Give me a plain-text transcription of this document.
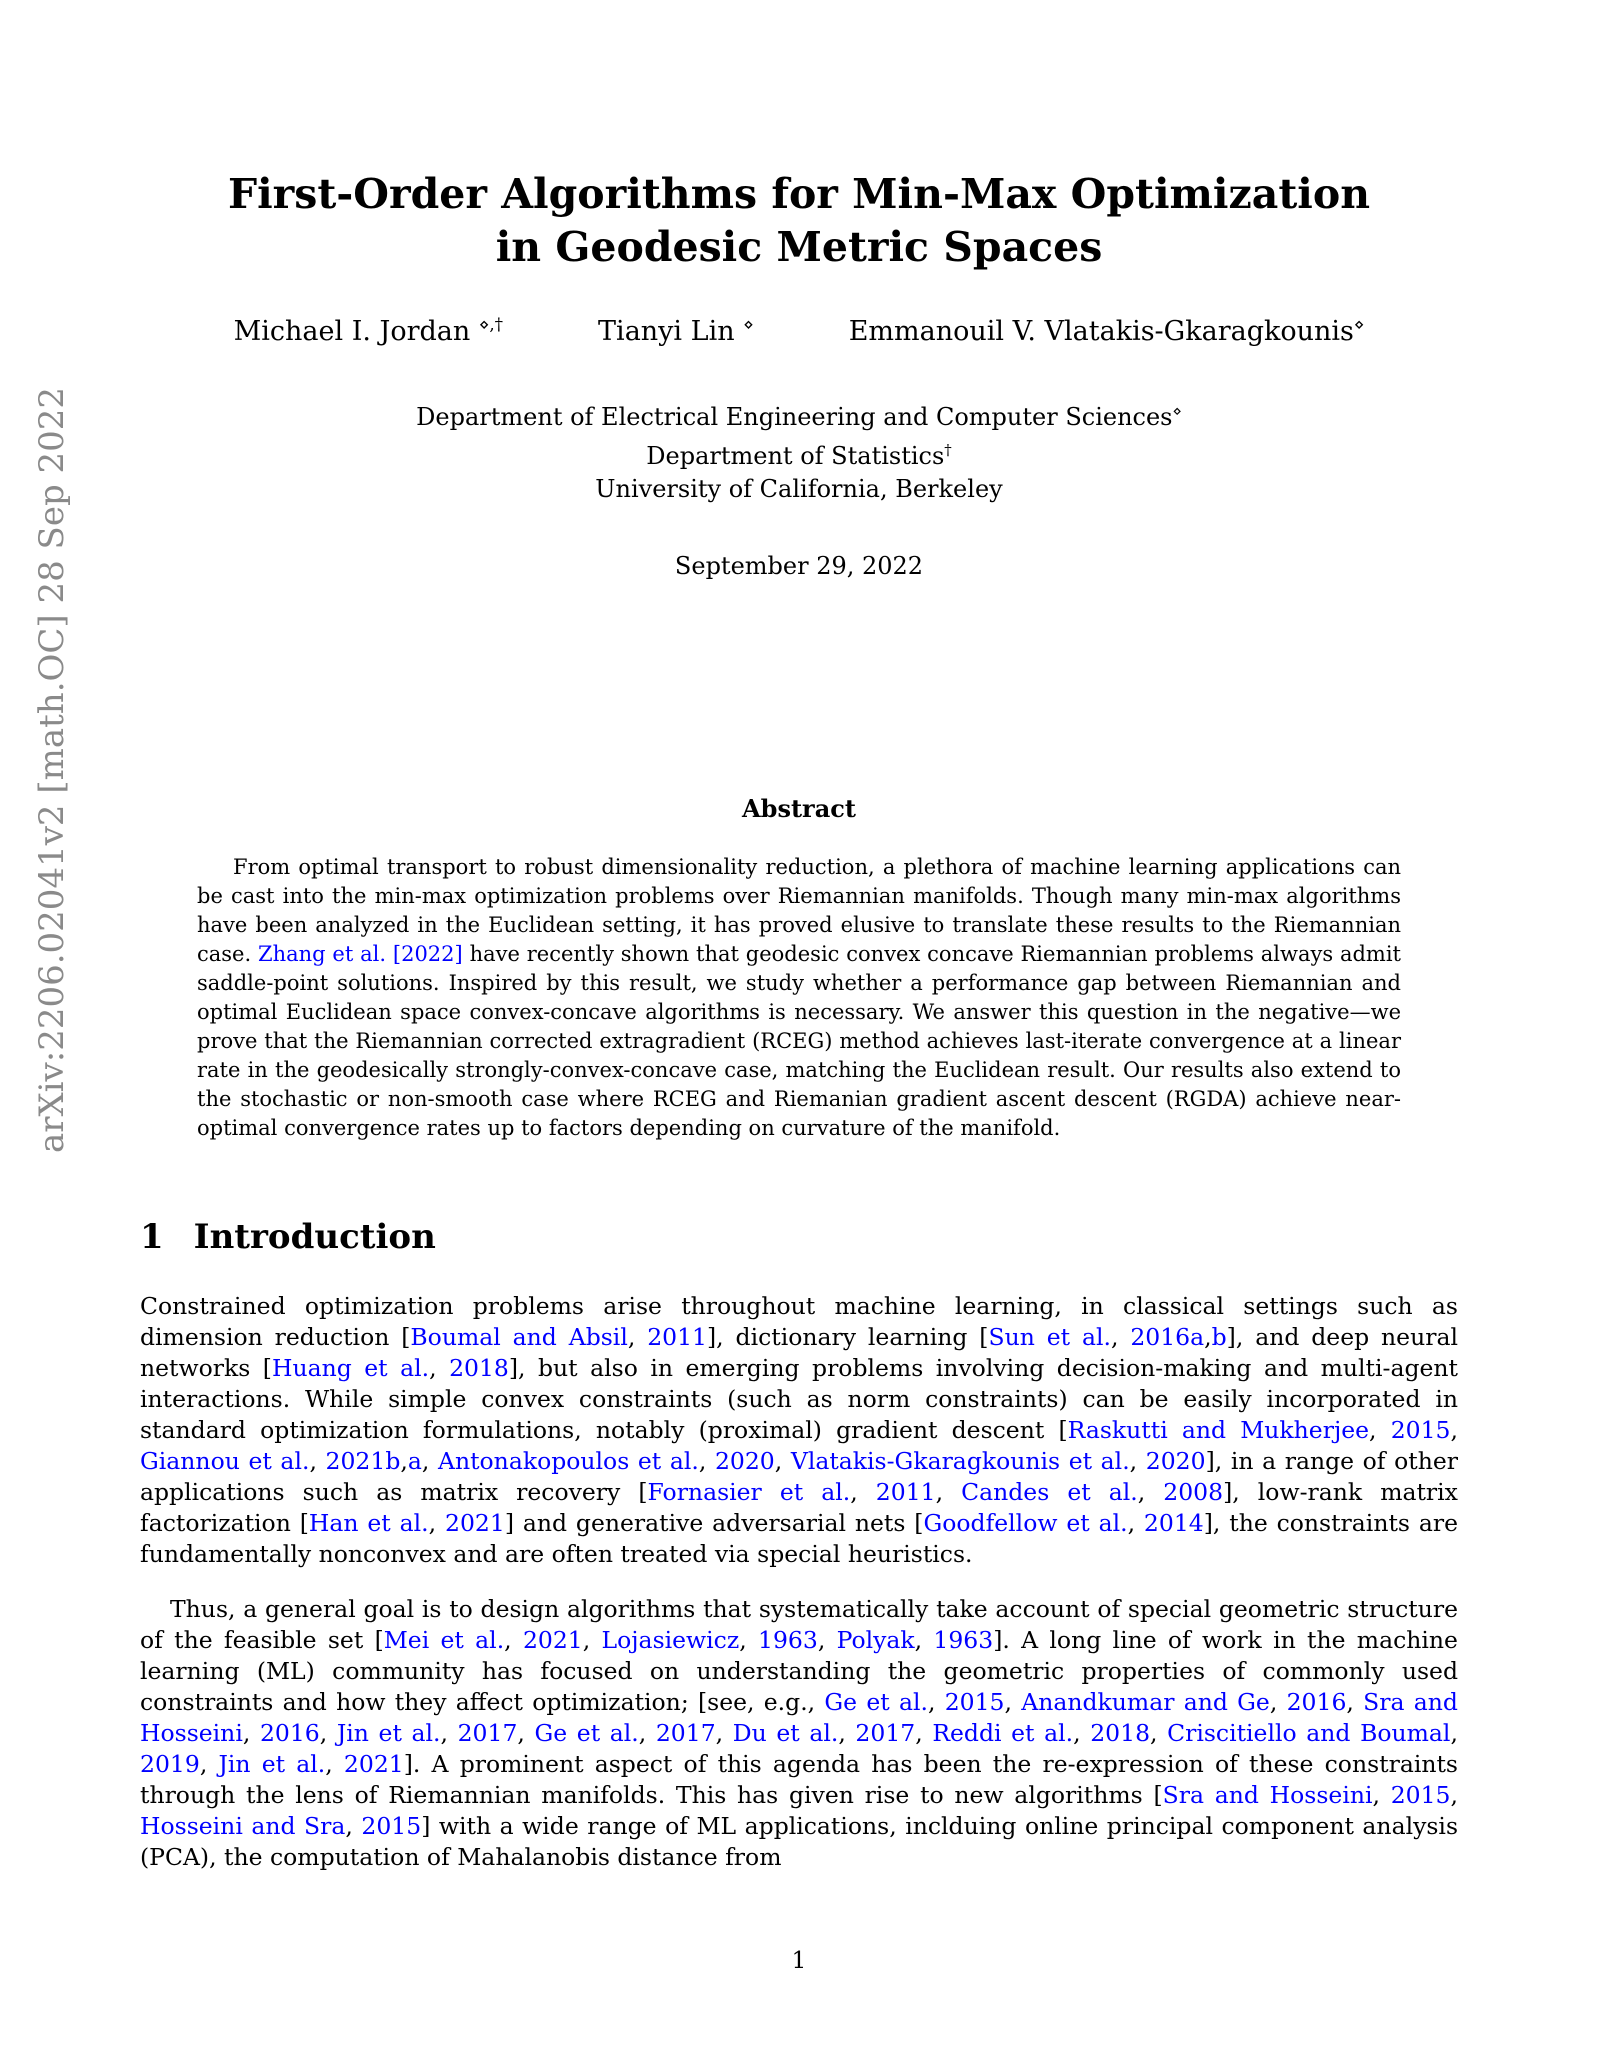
arXiv:2206.02041v2 [math.OC] 28 Sep 2022
First-Order Algorithms for Min-Max Optimization
in Geodesic Metric Spaces
Michael I. Jordan ⋄,†	Tianyi Lin ⋄	Emmanouil V. Vlatakis-Gkaragkounis⋄
Department of Electrical Engineering and Computer Sciences⋄
Department of Statistics†
University of California, Berkeley
September 29, 2022
Abstract

From optimal transport to robust dimensionality reduction, a plethora of machine learning applications can be cast into the min-max optimization problems over Riemannian manifolds. Though many min-max algorithms have been analyzed in the Euclidean setting, it has proved elusive to translate these results to the Riemannian case. Zhang et al. [2022] have recently shown that geodesic convex concave Riemannian problems always admit saddle-point solutions. Inspired by this result, we study whether a performance gap between Riemannian and optimal Euclidean space convex-concave algorithms is necessary. We answer this question in the negative—we prove that the Riemannian corrected extragradient (RCEG) method achieves last-iterate convergence at a linear rate in the geodesically strongly-convex-concave case, matching the Euclidean result. Our results also extend to the stochastic or non-smooth case where RCEG and Riemanian gradient ascent descent (RGDA) achieve near-optimal convergence rates up to factors depending on curvature of the manifold.

1 Introduction

Constrained optimization problems arise throughout machine learning, in classical settings such as dimension reduction [Boumal and Absil, 2011], dictionary learning [Sun et al., 2016a,b], and deep neural networks [Huang et al., 2018], but also in emerging problems involving decision-making and multi-agent interactions. While simple convex constraints (such as norm constraints) can be easily incorporated in standard optimization formulations, notably (proximal) gradient descent [Raskutti and Mukherjee, 2015, Giannou et al., 2021b,a, Antonakopoulos et al., 2020, Vlatakis-Gkaragkounis et al., 2020], in a range of other applications such as matrix recovery [Fornasier et al., 2011, Candes et al., 2008], low-rank matrix factorization [Han et al., 2021] and generative adversarial nets [Goodfellow et al., 2014], the constraints are fundamentally nonconvex and are often treated via special heuristics.

Thus, a general goal is to design algorithms that systematically take account of special geometric structure of the feasible set [Mei et al., 2021, Lojasiewicz, 1963, Polyak, 1963]. A long line of work in the machine learning (ML) community has focused on understanding the geometric properties of commonly used constraints and how they affect optimization; [see, e.g., Ge et al., 2015, Anandkumar and Ge, 2016, Sra and Hosseini, 2016, Jin et al., 2017, Ge et al., 2017, Du et al., 2017, Reddi et al., 2018, Criscitiello and Boumal, 2019, Jin et al., 2021]. A prominent aspect of this agenda has been the re-expression of these constraints through the lens of Riemannian manifolds. This has given rise to new algorithms [Sra and Hosseini, 2015, Hosseini and Sra, 2015] with a wide range of ML applications, inclduing online principal component analysis (PCA), the computation of Mahalanobis distance from

1
